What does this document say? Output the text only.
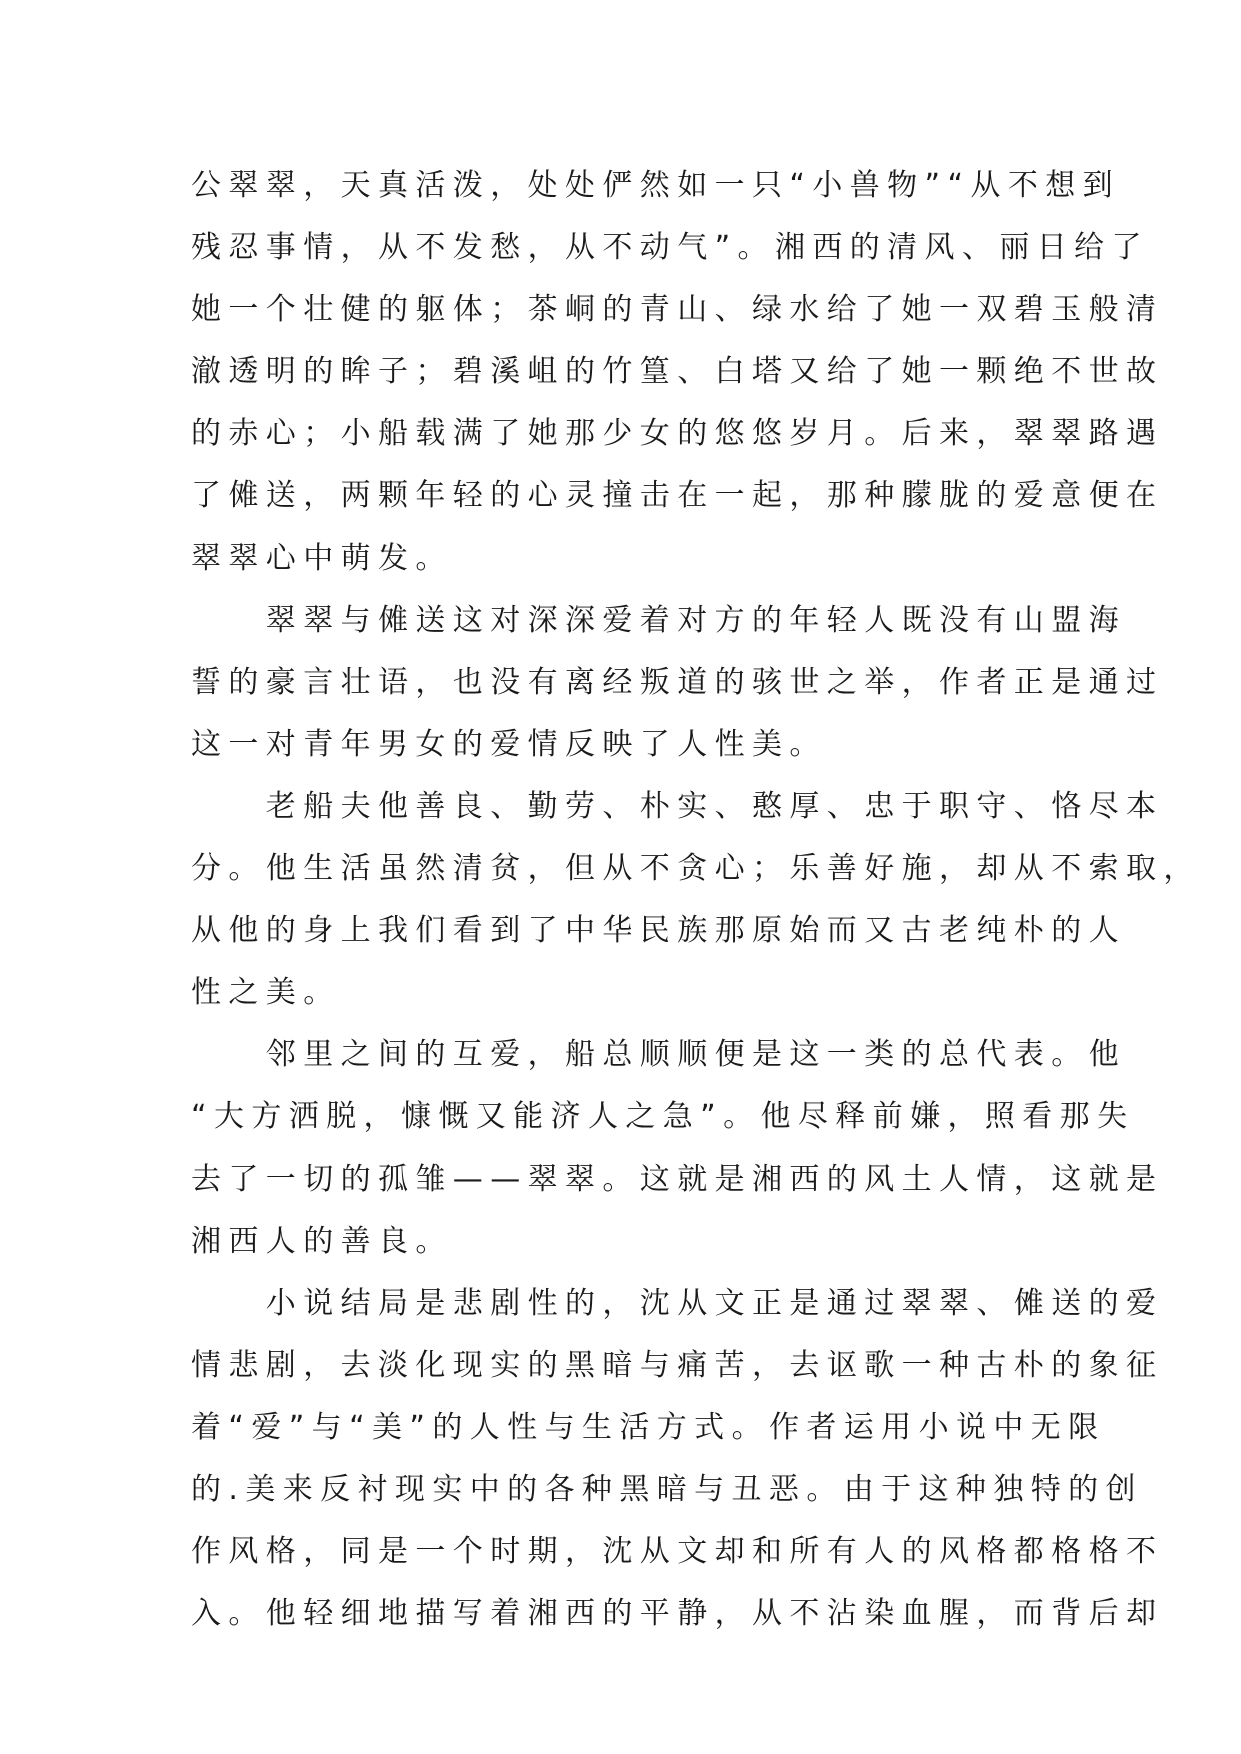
公翠翠，天真活泼，处处俨然如一只“小兽物”“从不想到
残忍事情，从不发愁，从不动气”。湘西的清风、丽日给了
她一个壮健的躯体；茶峒的青山、绿水给了她一双碧玉般清
澈透明的眸子；碧溪岨的竹篁、白塔又给了她一颗绝不世故
的赤心；小船载满了她那少女的悠悠岁月。后来，翠翠路遇
了傩送，两颗年轻的心灵撞击在一起，那种朦胧的爱意便在
翠翠心中萌发。
　　翠翠与傩送这对深深爱着对方的年轻人既没有山盟海
誓的豪言壮语，也没有离经叛道的骇世之举，作者正是通过
这一对青年男女的爱情反映了人性美。
　　老船夫他善良、勤劳、朴实、憨厚、忠于职守、恪尽本
分。他生活虽然清贫，但从不贪心；乐善好施，却从不索取，
从他的身上我们看到了中华民族那原始而又古老纯朴的人
性之美。
　　邻里之间的互爱，船总顺顺便是这一类的总代表。他
“大方洒脱，慷慨又能济人之急”。他尽释前嫌，照看那失
去了一切的孤雏——翠翠。这就是湘西的风土人情，这就是
湘西人的善良。
　　小说结局是悲剧性的，沈从文正是通过翠翠、傩送的爱
情悲剧，去淡化现实的黑暗与痛苦，去讴歌一种古朴的象征
着“爱”与“美”的人性与生活方式。作者运用小说中无限
的.美来反衬现实中的各种黑暗与丑恶。由于这种独特的创
作风格，同是一个时期，沈从文却和所有人的风格都格格不
入。他轻细地描写着湘西的平静，从不沾染血腥，而背后却
